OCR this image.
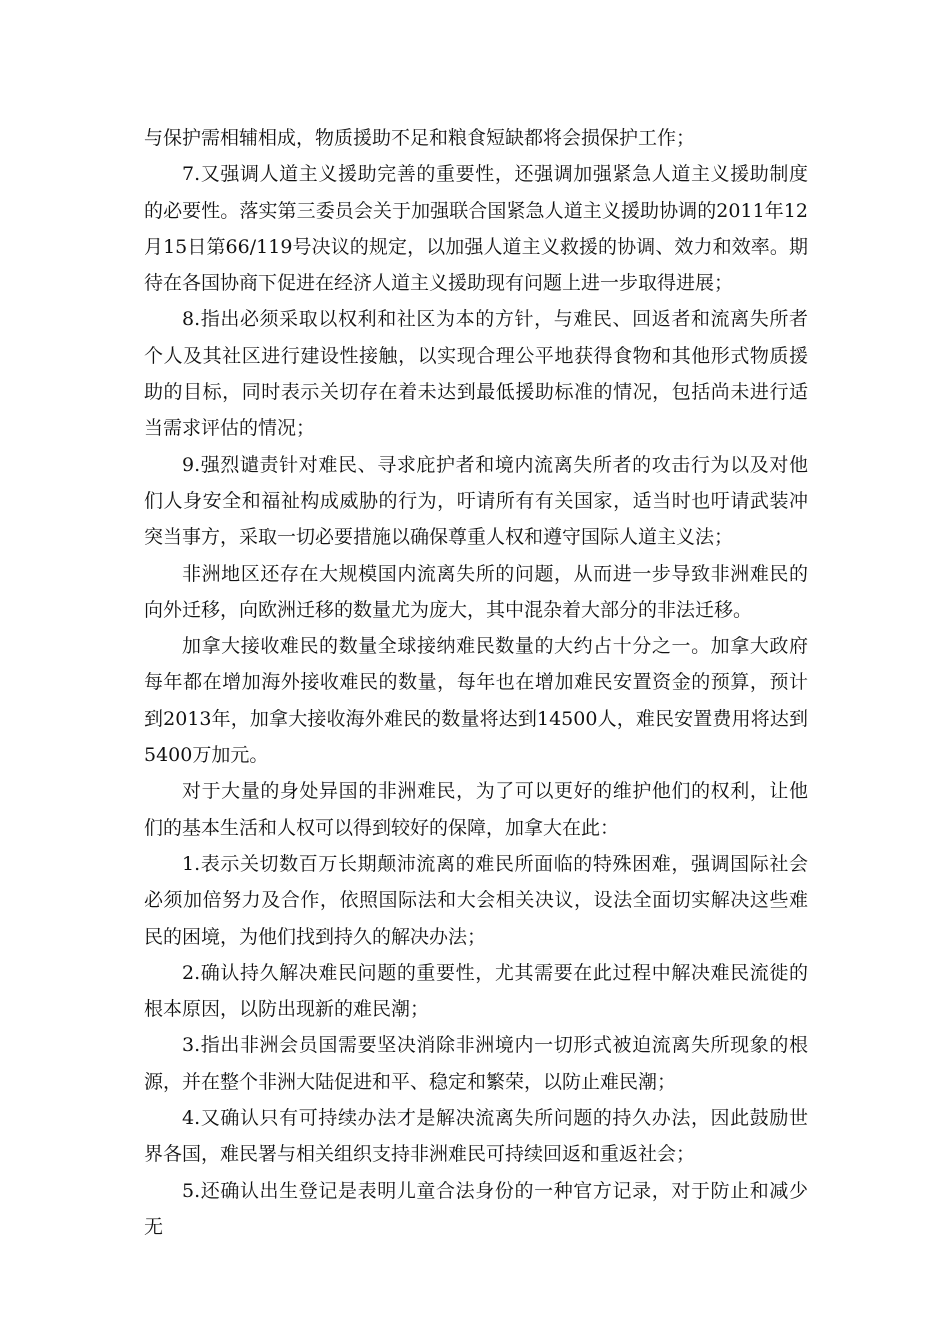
与保护需相辅相成，物质援助不足和粮食短缺都将会损保护工作；

7.又强调人道主义援助完善的重要性，还强调加强紧急人道主义援助制度的必要性。落实第三委员会关于加强联合国紧急人道主义援助协调的2011年12月15日第66/119号决议的规定，以加强人道主义救援的协调、效力和效率。期待在各国协商下促进在经济人道主义援助现有问题上进一步取得进展；

8.指出必须采取以权利和社区为本的方针，与难民、回返者和流离失所者个人及其社区进行建设性接触，以实现合理公平地获得食物和其他形式物质援助的目标，同时表示关切存在着未达到最低援助标准的情况，包括尚未进行适当需求评估的情况；

9.强烈谴责针对难民、寻求庇护者和境内流离失所者的攻击行为以及对他们人身安全和福祉构成威胁的行为，吁请所有有关国家，适当时也吁请武装冲突当事方，采取一切必要措施以确保尊重人权和遵守国际人道主义法；

非洲地区还存在大规模国内流离失所的问题，从而进一步导致非洲难民的向外迁移，向欧洲迁移的数量尤为庞大，其中混杂着大部分的非法迁移。

加拿大接收难民的数量全球接纳难民数量的大约占十分之一。加拿大政府每年都在增加海外接收难民的数量，每年也在增加难民安置资金的预算，预计到2013年，加拿大接收海外难民的数量将达到14500人，难民安置费用将达到5400万加元。

对于大量的身处异国的非洲难民，为了可以更好的维护他们的权利，让他们的基本生活和人权可以得到较好的保障，加拿大在此：

1.表示关切数百万长期颠沛流离的难民所面临的特殊困难，强调国际社会必须加倍努力及合作，依照国际法和大会相关决议，设法全面切实解决这些难民的困境，为他们找到持久的解决办法；

2.确认持久解决难民问题的重要性，尤其需要在此过程中解决难民流徙的根本原因，以防出现新的难民潮；

3.指出非洲会员国需要坚决消除非洲境内一切形式被迫流离失所现象的根源，并在整个非洲大陆促进和平、稳定和繁荣，以防止难民潮；

4.又确认只有可持续办法才是解决流离失所问题的持久办法，因此鼓励世界各国，难民署与相关组织支持非洲难民可持续回返和重返社会；

5.还确认出生登记是表明儿童合法身份的一种官方记录，对于防止和减少无
